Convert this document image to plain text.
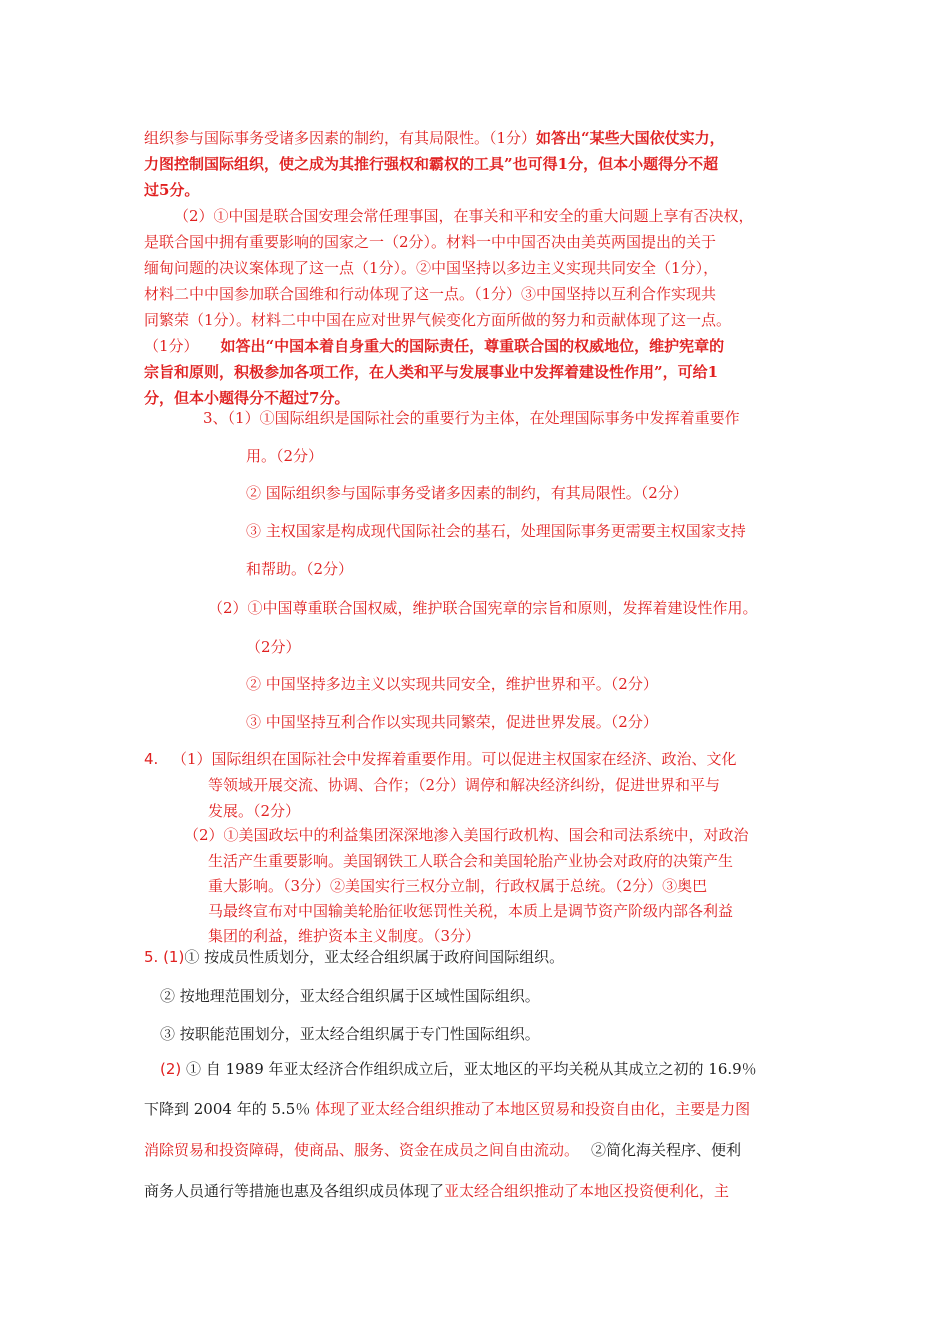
组织参与国际事务受诸多因素的制约，有其局限性。（1分）如答出“某些大国依仗实力，
力图控制国际组织，使之成为其推行强权和霸权的工具”也可得1分，但本小题得分不超
过5分。
（2）①中国是联合国安理会常任理事国，在事关和平和安全的重大问题上享有否决权，
是联合国中拥有重要影响的国家之一（2分）。材料一中中国否决由美英两国提出的关于
缅甸问题的决议案体现了这一点（1分）。②中国坚持以多边主义实现共同安全（1分），
材料二中中国参加联合国维和行动体现了这一点。（1分）③中国坚持以互利合作实现共
同繁荣（1分）。材料二中中国在应对世界气候变化方面所做的努力和贡献体现了这一点。
（1分） 如答出“中国本着自身重大的国际责任，尊重联合国的权威地位，维护宪章的
宗旨和原则，积极参加各项工作，在人类和平与发展事业中发挥着建设性作用”，可给1
分，但本小题得分不超过7分。
3、（1）①国际组织是国际社会的重要行为主体，在处理国际事务中发挥着重要作
用。（2分）
② 国际组织参与国际事务受诸多因素的制约，有其局限性。（2分）
③ 主权国家是构成现代国际社会的基石，处理国际事务更需要主权国家支持
和帮助。（2分）
（2）①中国尊重联合国权威，维护联合国宪章的宗旨和原则，发挥着建设性作用。
（2分）
② 中国坚持多边主义以实现共同安全，维护世界和平。（2分）
③ 中国坚持互利合作以实现共同繁荣，促进世界发展。（2分）
4. （1）国际组织在国际社会中发挥着重要作用。可以促进主权国家在经济、政治、文化
等领域开展交流、协调、合作；（2分）调停和解决经济纠纷，促进世界和平与
发展。（2分）
（2）①美国政坛中的利益集团深深地渗入美国行政机构、国会和司法系统中，对政治
生活产生重要影响。美国钢铁工人联合会和美国轮胎产业协会对政府的决策产生
重大影响。（3分）②美国实行三权分立制，行政权属于总统。（2分）③奥巴
马最终宣布对中国输美轮胎征收惩罚性关税，本质上是调节资产阶级内部各利益
集团的利益，维护资本主义制度。（3分）
5. (1)① 按成员性质划分，亚太经合组织属于政府间国际组织。
② 按地理范围划分，亚太经合组织属于区域性国际组织。
③ 按职能范围划分，亚太经合组织属于专门性国际组织。
(2) ① 自 1989 年亚太经济合作组织成立后，亚太地区的平均关税从其成立之初的 16.9％
下降到 2004 年的 5.5％ 体现了亚太经合组织推动了本地区贸易和投资自由化，主要是力图
消除贸易和投资障碍，使商品、服务、资金在成员之间自由流动。 ②简化海关程序、便利
商务人员通行等措施也惠及各组织成员体现了亚太经合组织推动了本地区投资便利化，主
